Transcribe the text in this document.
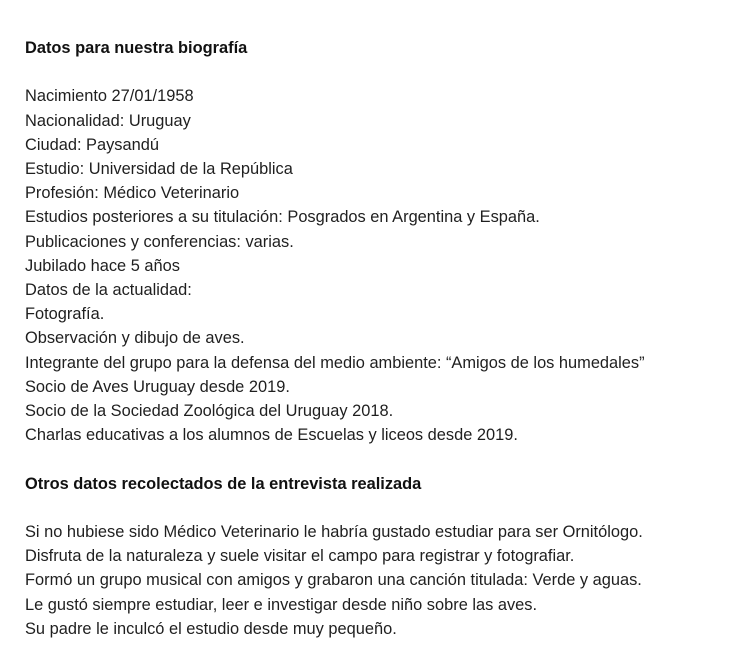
Datos para nuestra biografía

Nacimiento 27/01/1958

Nacionalidad: Uruguay

Ciudad: Paysandú

Estudio: Universidad de la República

Profesión: Médico Veterinario

Estudios posteriores a su titulación: Posgrados en Argentina y España.

Publicaciones y conferencias: varias.

Jubilado hace 5 años

Datos de la actualidad:

Fotografía.

Observación y dibujo de aves.

Integrante del grupo para la defensa del medio ambiente: “Amigos de los humedales”

Socio de Aves Uruguay desde 2019.

Socio de la Sociedad Zoológica del Uruguay 2018.

Charlas educativas a los alumnos de Escuelas y liceos desde 2019.

Otros datos recolectados de la entrevista realizada

Si no hubiese sido Médico Veterinario le habría gustado estudiar para ser Ornitólogo.

Disfruta de la naturaleza y suele visitar el campo para registrar y fotografiar.

Formó un grupo musical con amigos y grabaron una canción titulada: Verde y aguas.

Le gustó siempre estudiar, leer e investigar desde niño sobre las aves.

Su padre le inculcó el estudio desde muy pequeño.
